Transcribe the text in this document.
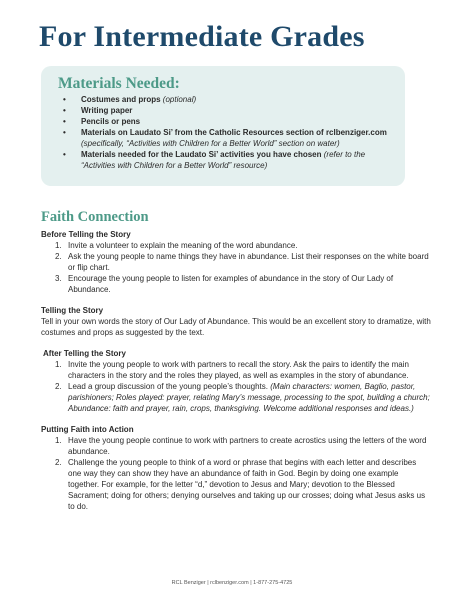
For Intermediate Grades
Materials Needed:
• Costumes and props (optional)
• Writing paper
• Pencils or pens
• Materials on Laudato Si’ from the Catholic Resources section of rclbenziger.com
(specifically, “Activities with Children for a Better World” section on water)
• Materials needed for the Laudato Si’ activities you have chosen (refer to the “Activities with Children for a Better World” resource)
Faith Connection
Before Telling the Story
1. Invite a volunteer to explain the meaning of the word abundance.
2. Ask the young people to name things they have in abundance. List their responses on the white board or flip chart.
3. Encourage the young people to listen for examples of abundance in the story of Our Lady of Abundance.
Telling the Story

Tell in your own words the story of Our Lady of Abundance. This would be an excellent story to dramatize, with costumes and props as suggested by the text.

After Telling the Story
1. Invite the young people to work with partners to recall the story. Ask the pairs to identify the main characters in the story and the roles they played, as well as examples in the story of abundance.
2. Lead a group discussion of the young people’s thoughts. (Main characters: women, Baglio, pastor, parishioners; Roles played: prayer, relating Mary’s message, processing to the spot, building a church; Abundance: faith and prayer, rain, crops, thanksgiving. Welcome additional responses and ideas.)
Putting Faith into Action
1. Have the young people continue to work with partners to create acrostics using the letters of the word abundance.
2. Challenge the young people to think of a word or phrase that begins with each letter and describes one way they can show they have an abundance of faith in God. Begin by doing one example together. For example, for the letter “d,” devotion to Jesus and Mary; devotion to the Blessed Sacrament; doing for others; denying ourselves and taking up our crosses; doing what Jesus asks us to do.
RCL Benziger | rclbenziger.com | 1-877-275-4725
